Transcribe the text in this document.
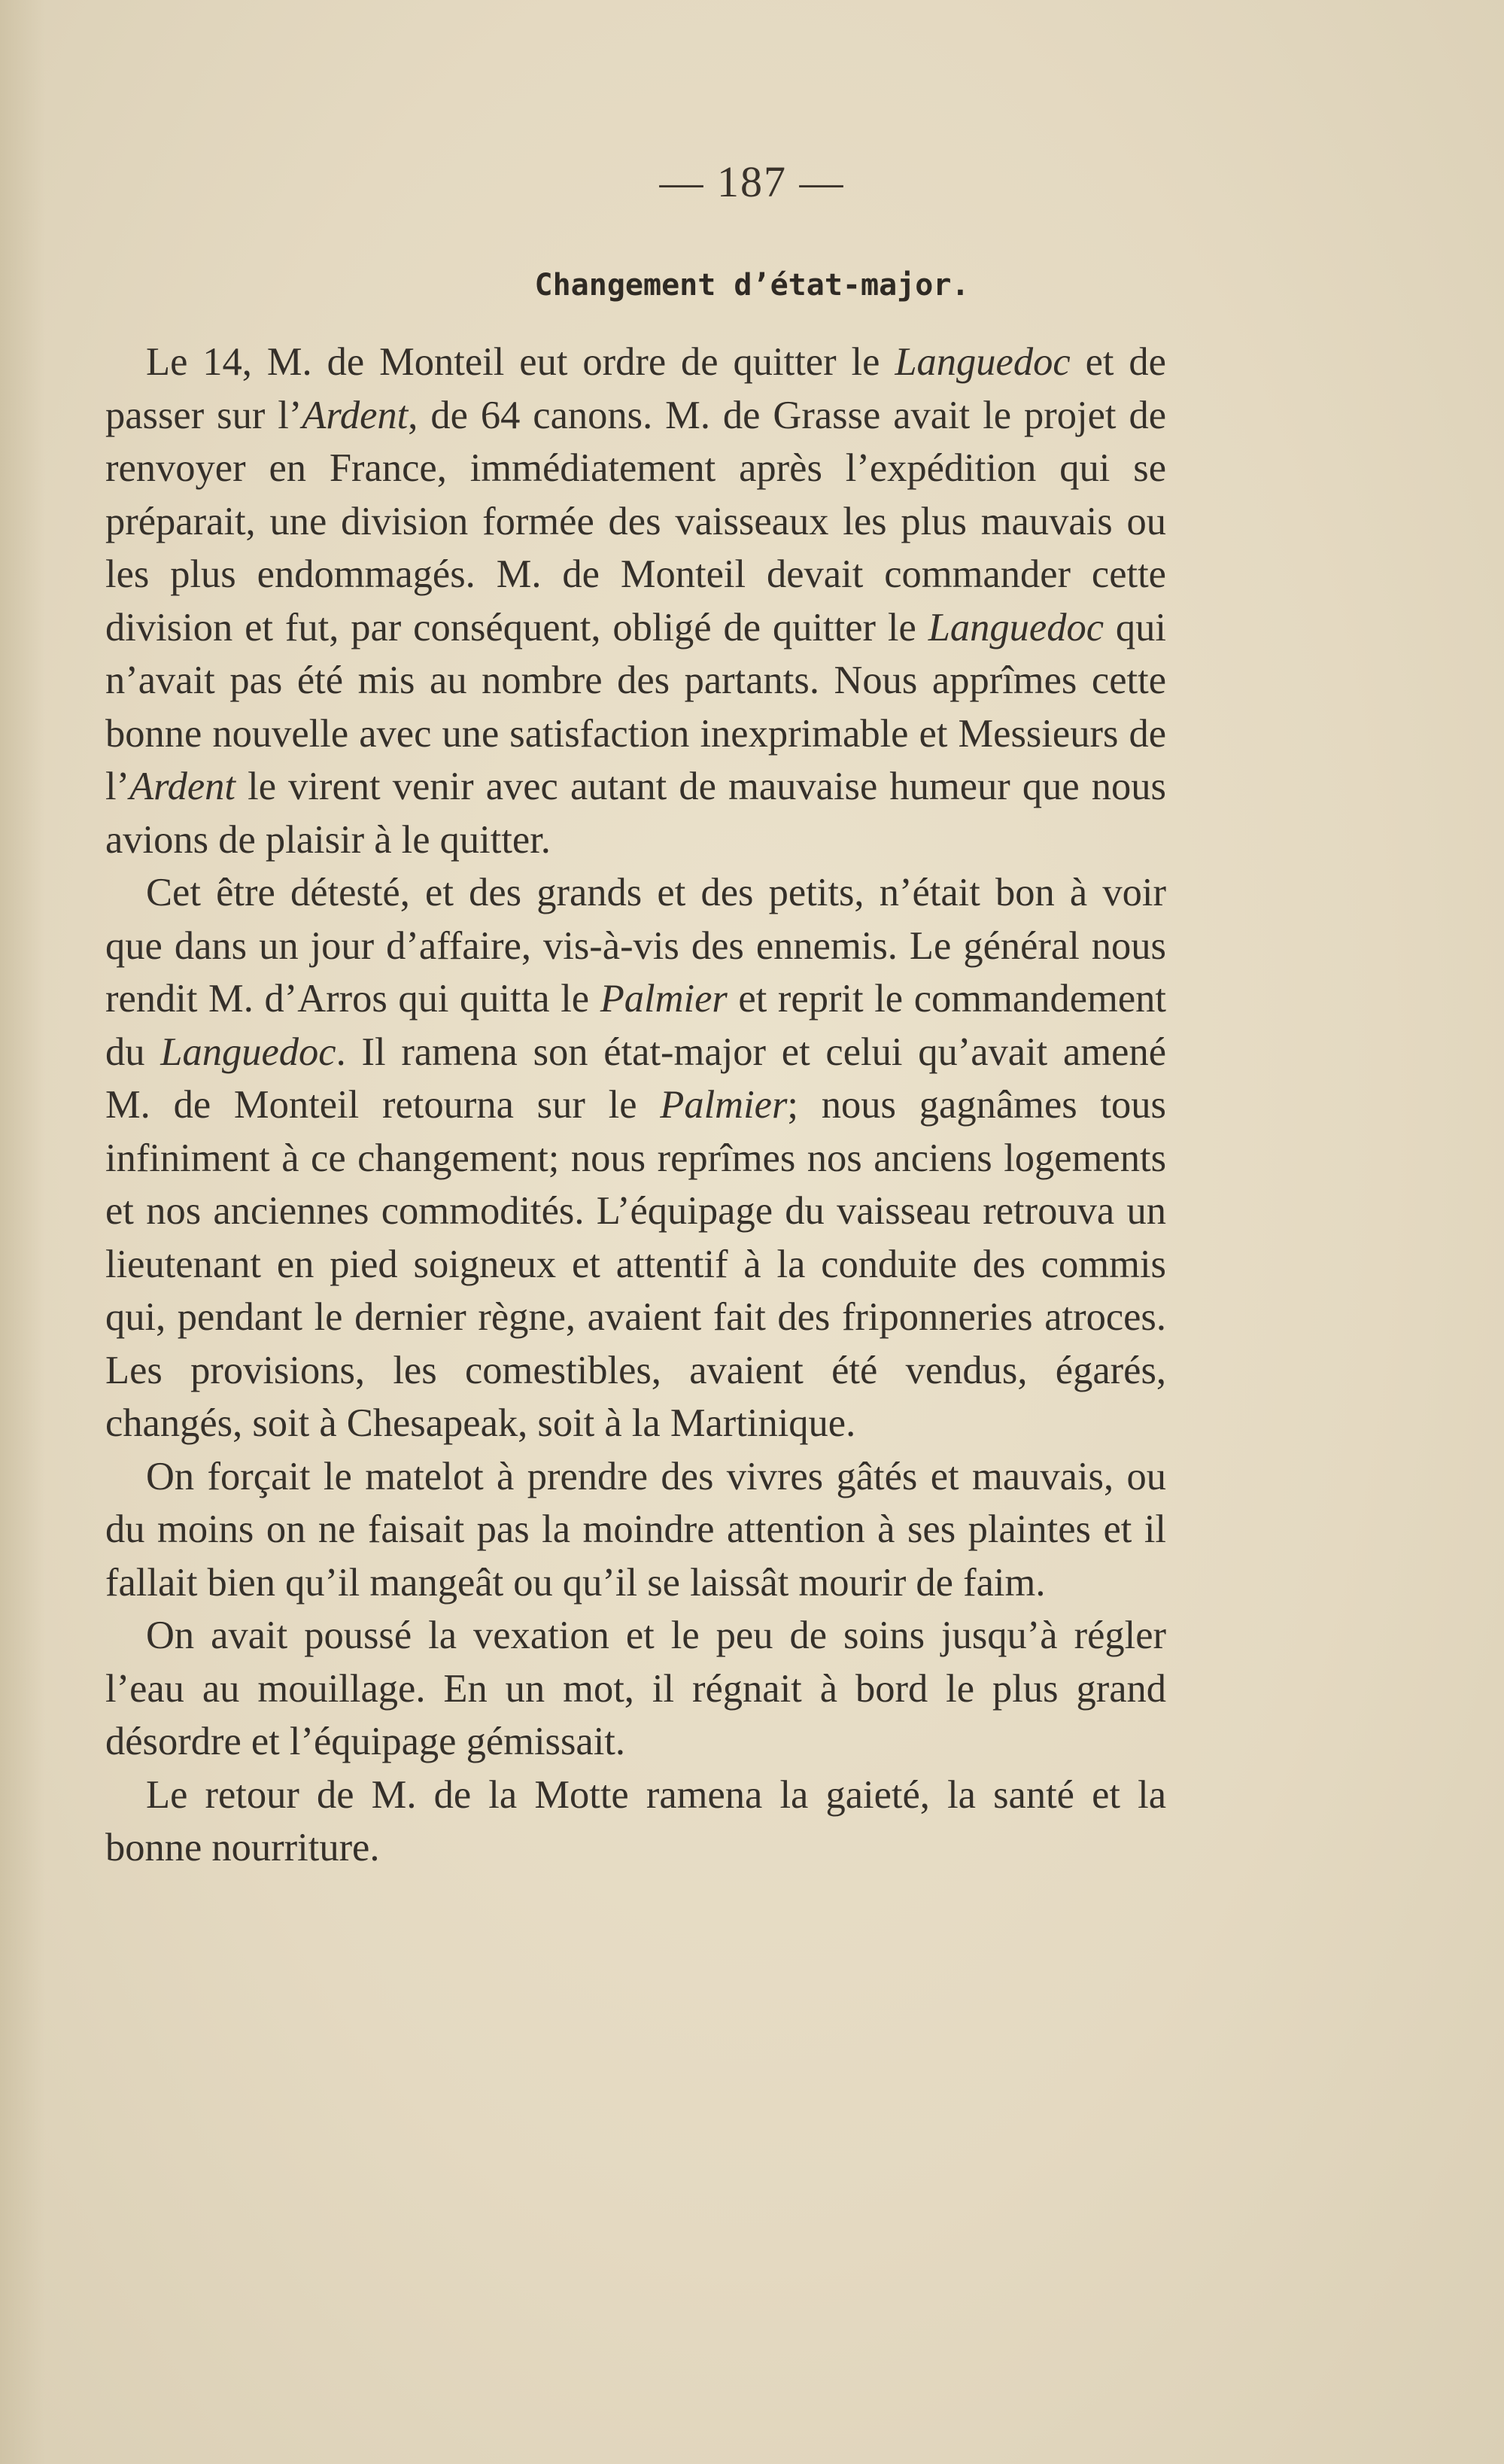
— 187 —
Changement d’état-major.

Le 14, M. de Monteil eut ordre de quitter le Languedoc et de passer sur l’Ardent, de 64 canons. M. de Grasse avait le projet de renvoyer en France, immédiatement après l’expédition qui se préparait, une division formée des vaisseaux les plus mauvais ou les plus endommagés. M. de Monteil devait commander cette division et fut, par conséquent, obligé de quitter le Languedoc qui n’avait pas été mis au nombre des partants. Nous apprîmes cette bonne nouvelle avec une satisfaction inexprimable et Messieurs de l’Ardent le virent venir avec autant de mauvaise humeur que nous avions de plaisir à le quitter.

Cet être détesté, et des grands et des petits, n’était bon à voir que dans un jour d’affaire, vis-à-vis des ennemis. Le général nous rendit M. d’Arros qui quitta le Palmier et reprit le commandement du Languedoc. Il ramena son état-major et celui qu’avait amené M. de Monteil retourna sur le Palmier; nous gagnâmes tous infiniment à ce changement; nous reprîmes nos anciens logements et nos anciennes commodités. L’équipage du vaisseau retrouva un lieutenant en pied soigneux et attentif à la conduite des commis qui, pendant le dernier règne, avaient fait des friponneries atroces. Les provisions, les comestibles, avaient été vendus, égarés, changés, soit à Chesapeak, soit à la Martinique.

On forçait le matelot à prendre des vivres gâtés et mauvais, ou du moins on ne faisait pas la moindre attention à ses plaintes et il fallait bien qu’il mangeât ou qu’il se laissât mourir de faim.

On avait poussé la vexation et le peu de soins jusqu’à régler l’eau au mouillage. En un mot, il régnait à bord le plus grand désordre et l’équipage gémissait.

Le retour de M. de la Motte ramena la gaieté, la santé et la bonne nourriture.
